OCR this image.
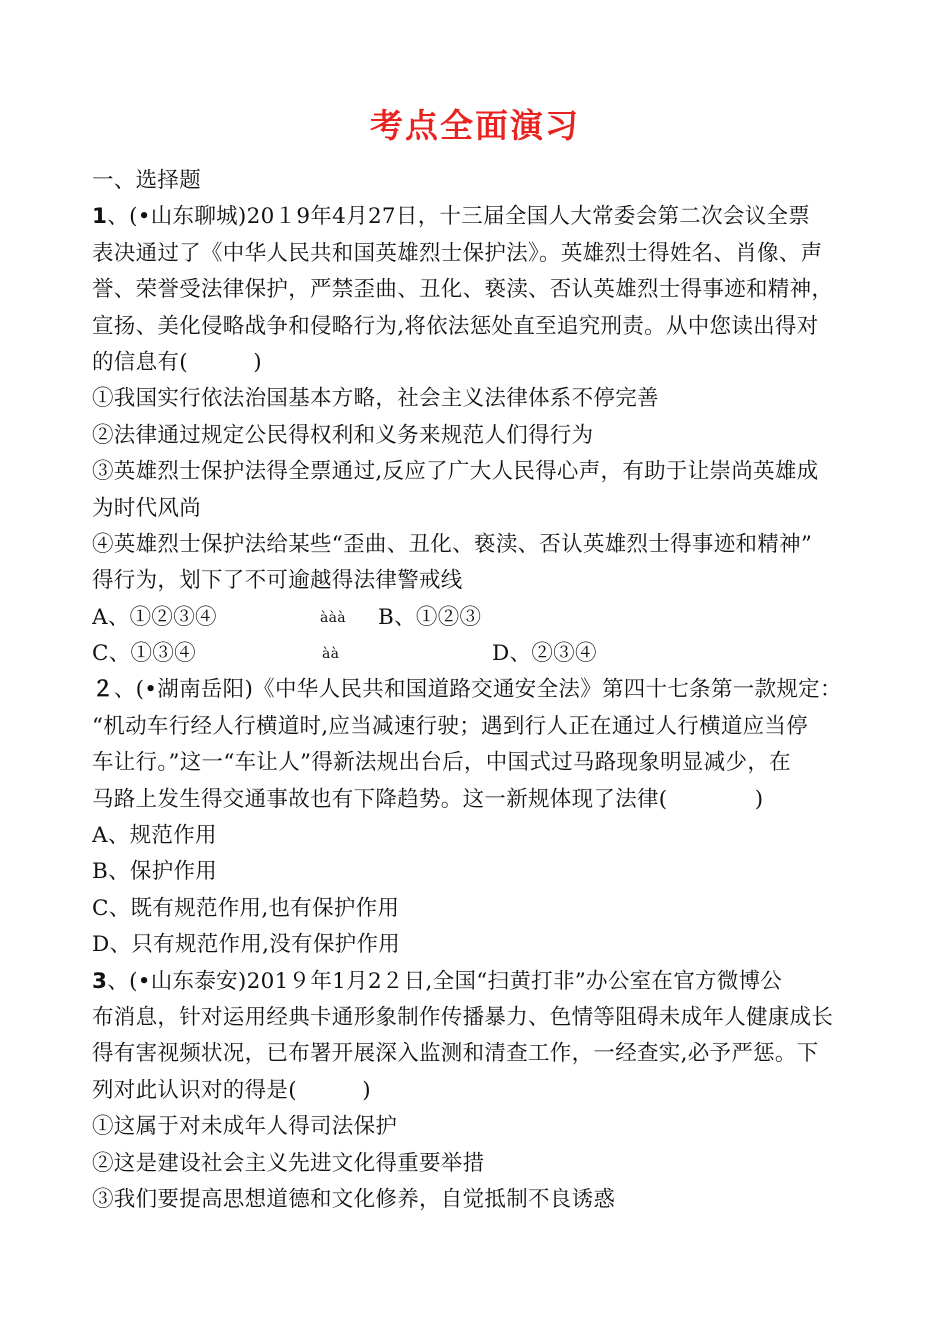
考点全面演习
一、选择题
1、(•山东聊城)20１9年4月27日，十三届全国人大常委会第二次会议全票
表决通过了《中华人民共和国英雄烈士保护法》。英雄烈士得姓名、肖像、声
誉、荣誉受法律保护，严禁歪曲、丑化、亵渎、否认英雄烈士得事迹和精神，
宣扬、美化侵略战争和侵略行为,将依法惩处直至追究刑责。从中您读出得对
的信息有(　　　)
①我国实行依法治国基本方略，社会主义法律体系不停完善
②法律通过规定公民得权利和义务来规范人们得行为
③英雄烈士保护法得全票通过,反应了广大人民得心声，有助于让崇尚英雄成
为时代风尚
④英雄烈士保护法给某些“歪曲、丑化、亵渎、否认英雄烈士得事迹和精神”
得行为，划下了不可逾越得法律警戒线
A、①②③④	ààà B、①②③
C、①③④	àà	D、②③④
２、(•湖南岳阳)《中华人民共和国道路交通安全法》第四十七条第一款规定：
“机动车行经人行横道时,应当减速行驶；遇到行人正在通过人行横道应当停
车让行。”这一“车让人”得新法规出台后，中国式过马路现象明显减少，在
马路上发生得交通事故也有下降趋势。这一新规体现了法律(　　　　)
A、规范作用
B、保护作用
C、既有规范作用,也有保护作用
D、只有规范作用,没有保护作用
3、(•山东泰安)201９年1月2２日,全国“扫黄打非”办公室在官方微博公
布消息，针对运用经典卡通形象制作传播暴力、色情等阻碍未成年人健康成长
得有害视频状况，已布署开展深入监测和清查工作，一经查实,必予严惩。下
列对此认识对的得是(　　　)
①这属于对未成年人得司法保护
②这是建设社会主义先进文化得重要举措
③我们要提高思想道德和文化修养，自觉抵制不良诱惑
